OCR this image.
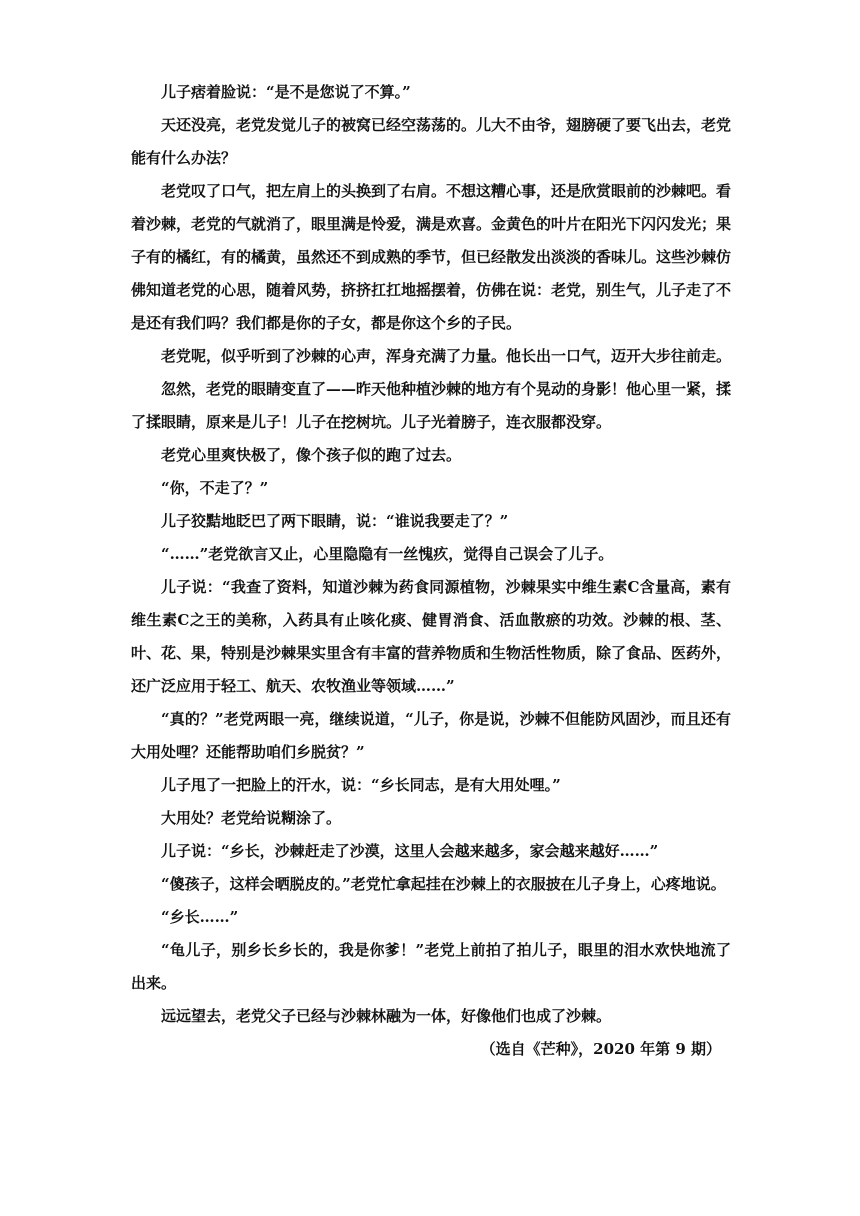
儿子痞着脸说：“是不是您说了不算。”

天还没亮，老党发觉儿子的被窝已经空荡荡的。儿大不由爷，翅膀硬了要飞出去，老党能有什么办法？

老党叹了口气，把左肩上的头换到了右肩。不想这糟心事，还是欣赏眼前的沙棘吧。看着沙棘，老党的气就消了，眼里满是怜爱，满是欢喜。金黄色的叶片在阳光下闪闪发光；果子有的橘红，有的橘黄，虽然还不到成熟的季节，但已经散发出淡淡的香味儿。这些沙棘仿佛知道老党的心思，随着风势，挤挤扛扛地摇摆着，仿佛在说：老党，别生气，儿子走了不是还有我们吗？我们都是你的子女，都是你这个乡的子民。

老党呢，似乎听到了沙棘的心声，浑身充满了力量。他长出一口气，迈开大步往前走。

忽然，老党的眼睛变直了——昨天他种植沙棘的地方有个晃动的身影！他心里一紧，揉了揉眼睛，原来是儿子！儿子在挖树坑。儿子光着膀子，连衣服都没穿。

老党心里爽快极了，像个孩子似的跑了过去。

“你，不走了？”

儿子狡黠地眨巴了两下眼睛，说：“谁说我要走了？”

“……”老党欲言又止，心里隐隐有一丝愧疚，觉得自己误会了儿子。

儿子说：“我查了资料，知道沙棘为药食同源植物，沙棘果实中维生素C含量高，素有维生素C之王的美称，入药具有止咳化痰、健胃消食、活血散瘀的功效。沙棘的根、茎、叶、花、果，特别是沙棘果实里含有丰富的营养物质和生物活性物质，除了食品、医药外，还广泛应用于轻工、航天、农牧渔业等领域……”

“真的？”老党两眼一亮，继续说道，“儿子，你是说，沙棘不但能防风固沙，而且还有大用处哩？还能帮助咱们乡脱贫？”

儿子甩了一把脸上的汗水，说：“乡长同志，是有大用处哩。”

大用处？老党给说糊涂了。

儿子说：“乡长，沙棘赶走了沙漠，这里人会越来越多，家会越来越好……”

“傻孩子，这样会晒脱皮的。”老党忙拿起挂在沙棘上的衣服披在儿子身上，心疼地说。

“乡长……”

“龟儿子，别乡长乡长的，我是你爹！”老党上前拍了拍儿子，眼里的泪水欢快地流了出来。

远远望去，老党父子已经与沙棘林融为一体，好像他们也成了沙棘。

（选自《芒种》，2020 年第 9 期）
